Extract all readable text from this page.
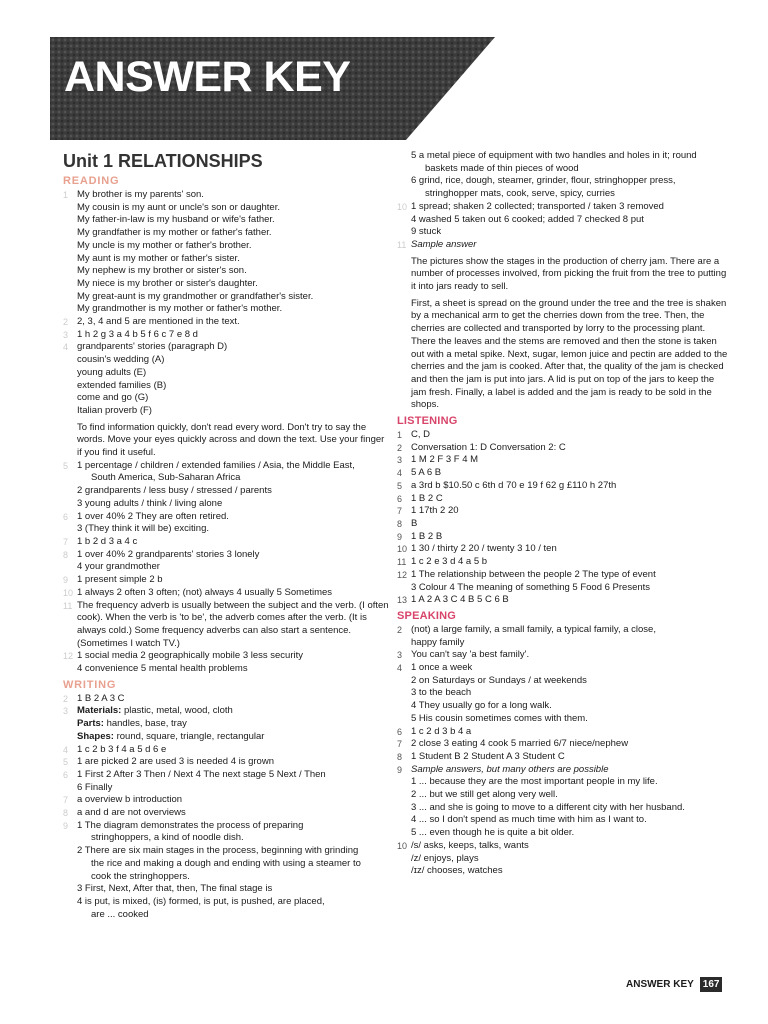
ANSWER KEY
Unit 1 RELATIONSHIPS
READING
1 My brother is my parents' son.
My cousin is my aunt or uncle's son or daughter.
My father-in-law is my husband or wife's father.
My grandfather is my mother or father's father.
My uncle is my mother or father's brother.
My aunt is my mother or father's sister.
My nephew is my brother or sister's son.
My niece is my brother or sister's daughter.
My great-aunt is my grandmother or grandfather's sister.
My grandmother is my mother or father's mother.
2 2, 3, 4 and 5 are mentioned in the text.
3 1 h 2 g 3 a 4 b 5 f 6 c 7 e 8 d
4 grandparents' stories (paragraph D)
cousin's wedding (A)
young adults (E)
extended families (B)
come and go (G)
Italian proverb (F)
To find information quickly, don't read every word. Don't try to say the words. Move your eyes quickly across and down the text. Use your finger if you find it useful.
5 1 percentage / children / extended families / Asia, the Middle East,
South America, Sub-Saharan Africa
2 grandparents / less busy / stressed / parents
3 young adults / think / living alone
6 1 over 40% 2 They are often retired.
3 (They think it will be) exciting.
7 1 b 2 d 3 a 4 c
8 1 over 40% 2 grandparents' stories 3 lonely
4 your grandmother
9 1 present simple 2 b
10 1 always 2 often 3 often; (not) always 4 usually 5 Sometimes
11 The frequency adverb is usually between the subject and the verb. (I often cook). When the verb is 'to be', the adverb comes after the verb. (It is always cold.) Some frequency adverbs can also start a sentence. (Sometimes I watch TV.)
12 1 social media 2 geographically mobile 3 less security
4 convenience 5 mental health problems
WRITING
2 1 B 2 A 3 C
3 Materials: plastic, metal, wood, cloth
Parts: handles, base, tray
Shapes: round, square, triangle, rectangular
4 1 c 2 b 3 f 4 a 5 d 6 e
5 1 are picked 2 are used 3 is needed 4 is grown
6 1 First 2 After 3 Then / Next 4 The next stage 5 Next / Then
6 Finally
7 a overview b introduction
8 a and d are not overviews
9 1 The diagram demonstrates the process of preparing
stringhoppers, a kind of noodle dish.
2 There are six main stages in the process, beginning with grinding
the rice and making a dough and ending with using a steamer to
cook the stringhoppers.
3 First, Next, After that, then, The final stage is
4 is put, is mixed, (is) formed, is put, is pushed, are placed,
are ... cooked
5 a metal piece of equipment with two handles and holes in it; round
baskets made of thin pieces of wood
6 grind, rice, dough, steamer, grinder, flour, stringhopper press,
stringhopper mats, cook, serve, spicy, curries
10 1 spread; shaken 2 collected; transported / taken 3 removed
4 washed 5 taken out 6 cooked; added 7 checked 8 put
9 stuck
11 Sample answer
The pictures show the stages in the production of cherry jam. There are a number of processes involved, from picking the fruit from the tree to putting it into jars ready to sell.
First, a sheet is spread on the ground under the tree and the tree is shaken by a mechanical arm to get the cherries down from the tree. Then, the cherries are collected and transported by lorry to the processing plant. There the leaves and the stems are removed and then the stone is taken out with a metal spike. Next, sugar, lemon juice and pectin are added to the cherries and the jam is cooked. After that, the quality of the jam is checked and then the jam is put into jars. A lid is put on top of the jars to keep the jam fresh. Finally, a label is added and the jam is ready to be sold in the shops.
LISTENING
1 C, D
2 Conversation 1: D Conversation 2: C
3 1 M 2 F 3 F 4 M
4 5 A 6 B
5 a 3rd b $10.50 c 6th d 70 e 19 f 62 g £110 h 27th
6 1 B 2 C
7 1 17th 2 20
8 B
9 1 B 2 B
10 1 30 / thirty 2 20 / twenty 3 10 / ten
11 1 c 2 e 3 d 4 a 5 b
12 1 The relationship between the people 2 The type of event
3 Colour 4 The meaning of something 5 Food 6 Presents
13 1 A 2 A 3 C 4 B 5 C 6 B
SPEAKING
2 (not) a large family, a small family, a typical family, a close,
happy family
3 You can't say 'a best family'.
4 1 once a week
2 on Saturdays or Sundays / at weekends
3 to the beach
4 They usually go for a long walk.
5 His cousin sometimes comes with them.
6 1 c 2 d 3 b 4 a
7 2 close 3 eating 4 cook 5 married 6/7 niece/nephew
8 1 Student B 2 Student A 3 Student C
9 Sample answers, but many others are possible
1 ... because they are the most important people in my life.
2 ... but we still get along very well.
3 ... and she is going to move to a different city with her husband.
4 ... so I don't spend as much time with him as I want to.
5 ... even though he is quite a bit older.
10 /s/ asks, keeps, talks, wants
/z/ enjoys, plays
/ɪz/ chooses, watches
ANSWER KEY 167
